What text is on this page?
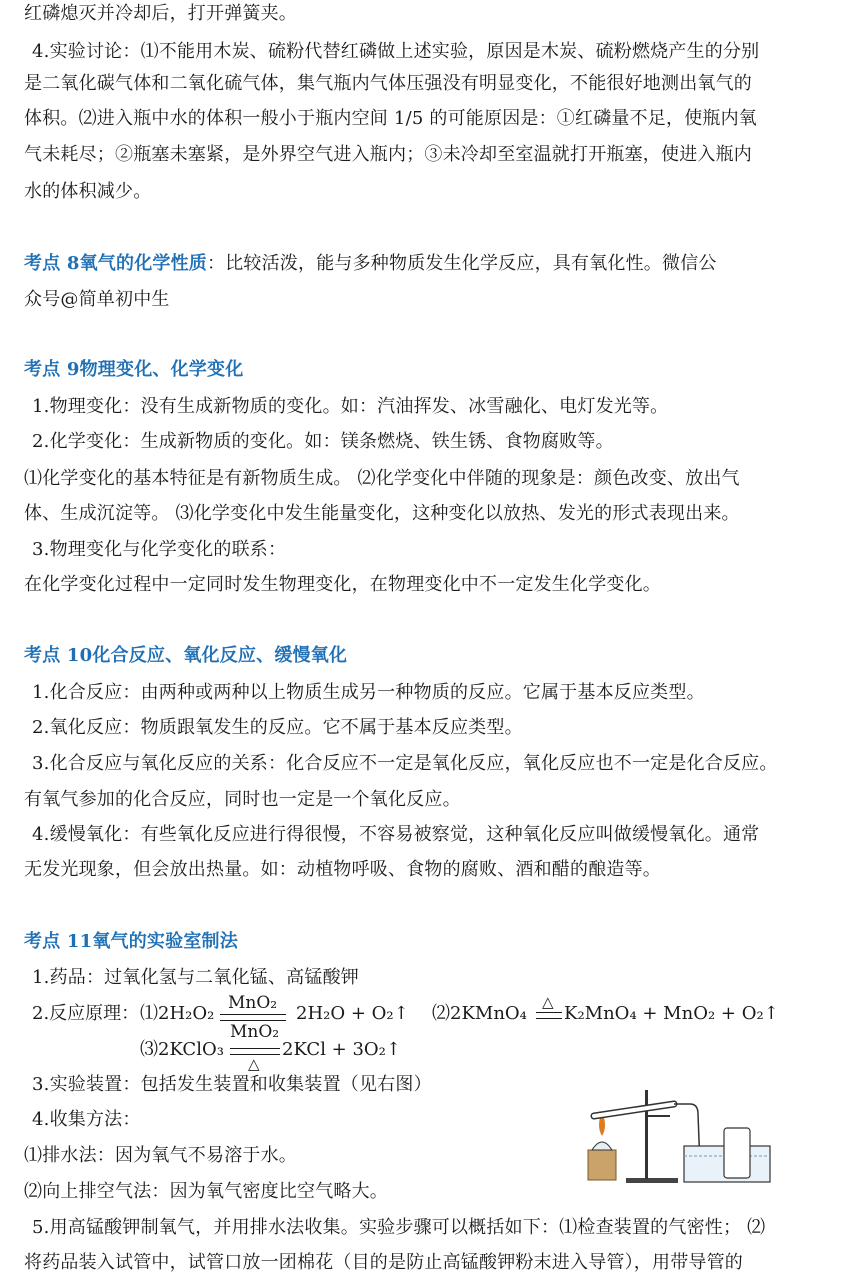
红磷熄灭并冷却后，打开弹簧夹。
4.实验讨论：⑴不能用木炭、硫粉代替红磷做上述实验，原因是木炭、硫粉燃烧产生的分别
是二氧化碳气体和二氧化硫气体，集气瓶内气体压强没有明显变化，不能很好地测出氧气的
体积。⑵进入瓶中水的体积一般小于瓶内空间 1/5 的可能原因是：①红磷量不足，使瓶内氧
气未耗尽；②瓶塞未塞紧，是外界空气进入瓶内；③未冷却至室温就打开瓶塞，使进入瓶内
水的体积减少。
考点 8氧气的化学性质：比较活泼，能与多种物质发生化学反应，具有氧化性。微信公
众号@简单初中生
考点 9物理变化、化学变化
1.物理变化：没有生成新物质的变化。如：汽油挥发、冰雪融化、电灯发光等。
2.化学变化：生成新物质的变化。如：镁条燃烧、铁生锈、食物腐败等。
⑴化学变化的基本特征是有新物质生成。 ⑵化学变化中伴随的现象是：颜色改变、放出气
体、生成沉淀等。 ⑶化学变化中发生能量变化，这种变化以放热、发光的形式表现出来。
3.物理变化与化学变化的联系：
在化学变化过程中一定同时发生物理变化，在物理变化中不一定发生化学变化。
考点 10化合反应、氧化反应、缓慢氧化
1.化合反应：由两种或两种以上物质生成另一种物质的反应。它属于基本反应类型。
2.氧化反应：物质跟氧发生的反应。它不属于基本反应类型。
3.化合反应与氧化反应的关系：化合反应不一定是氧化反应，氧化反应也不一定是化合反应。
有氧气参加的化合反应，同时也一定是一个氧化反应。
4.缓慢氧化：有些氧化反应进行得很慢，不容易被察觉，这种氧化反应叫做缓慢氧化。通常
无发光现象，但会放出热量。如：动植物呼吸、食物的腐败、酒和醋的酿造等。
考点 11氧气的实验室制法
1.药品：过氧化氢与二氧化锰、高锰酸钾
2.反应原理： ⑴2H₂O₂ MnO₂ 2H₂O + O₂↑ ⑵2KMnO₄
△
K₂MnO₄ + MnO₂ + O₂↑
⑶2KClO₃
MnO₂
△
2KCl + 3O₂↑
3.实验装置：包括发生装置和收集装置（见右图）
4.收集方法：
⑴排水法：因为氧气不易溶于水。
⑵向上排空气法：因为氧气密度比空气略大。
5.用高锰酸钾制氧气，并用排水法收集。实验步骤可以概括如下：⑴检查装置的气密性； ⑵
将药品装入试管中，试管口放一团棉花（目的是防止高锰酸钾粉末进入导管），用带导管的
